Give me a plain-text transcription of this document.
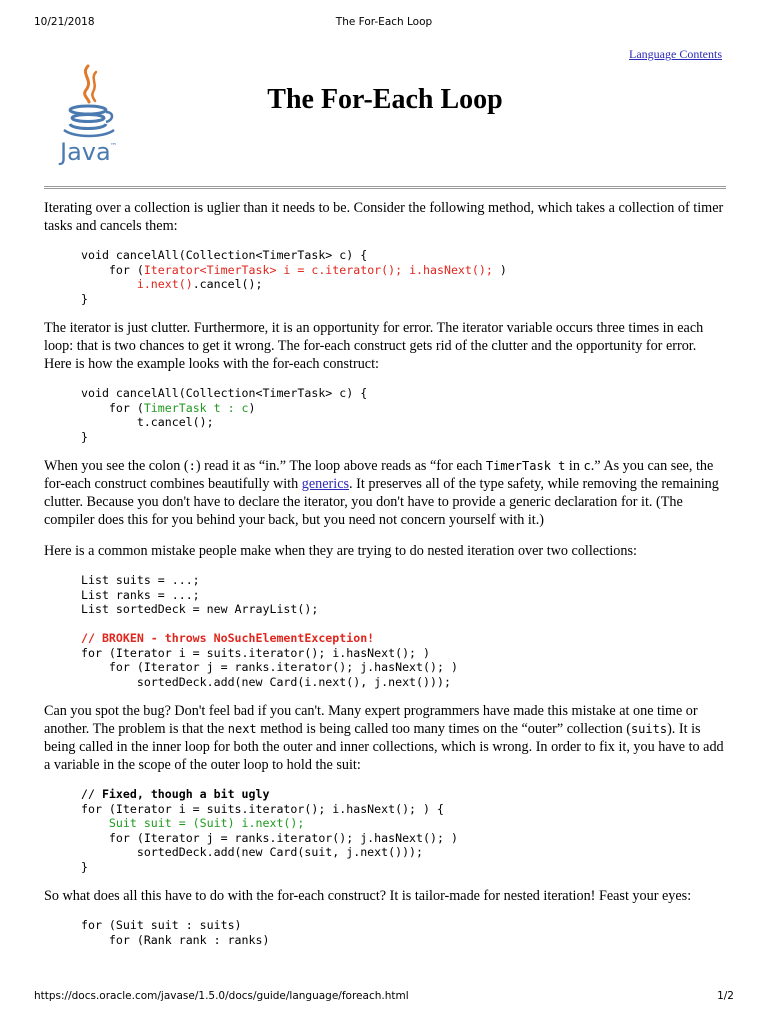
10/21/2018	The For-Each Loop
Language Contents
Java ™
The For-Each Loop

Iterating over a collection is uglier than it needs to be. Consider the following method, which takes a collection of timer tasks and cancels them:

void cancelAll(Collection<TimerTask> c) {
for (Iterator<TimerTask> i = c.iterator(); i.hasNext(); )
i.next().cancel();
}

The iterator is just clutter. Furthermore, it is an opportunity for error. The iterator variable occurs three times in each loop: that is two chances to get it wrong. The for-each construct gets rid of the clutter and the opportunity for error. Here is how the example looks with the for-each construct:

void cancelAll(Collection<TimerTask> c) {
for (TimerTask t : c)
t.cancel();
}

When you see the colon (:) read it as “in.” The loop above reads as “for each TimerTask t in c.” As you can see, the for-each construct combines beautifully with generics. It preserves all of the type safety, while removing the remaining clutter. Because you don't have to declare the iterator, you don't have to provide a generic declaration for it. (The compiler does this for you behind your back, but you need not concern yourself with it.)

Here is a common mistake people make when they are trying to do nested iteration over two collections:

List suits = ...;
List ranks = ...;
List sortedDeck = new ArrayList();

// BROKEN - throws NoSuchElementException!
for (Iterator i = suits.iterator(); i.hasNext(); )
for (Iterator j = ranks.iterator(); j.hasNext(); )
sortedDeck.add(new Card(i.next(), j.next()));

Can you spot the bug? Don't feel bad if you can't. Many expert programmers have made this mistake at one time or another. The problem is that the next method is being called too many times on the “outer” collection (suits). It is being called in the inner loop for both the outer and inner collections, which is wrong. In order to fix it, you have to add a variable in the scope of the outer loop to hold the suit:

// Fixed, though a bit ugly
for (Iterator i = suits.iterator(); i.hasNext(); ) {
Suit suit = (Suit) i.next();
for (Iterator j = ranks.iterator(); j.hasNext(); )
sortedDeck.add(new Card(suit, j.next()));
}

So what does all this have to do with the for-each construct? It is tailor-made for nested iteration! Feast your eyes:

for (Suit suit : suits)
for (Rank rank : ranks)
https://docs.oracle.com/javase/1.5.0/docs/guide/language/foreach.html	1/2
